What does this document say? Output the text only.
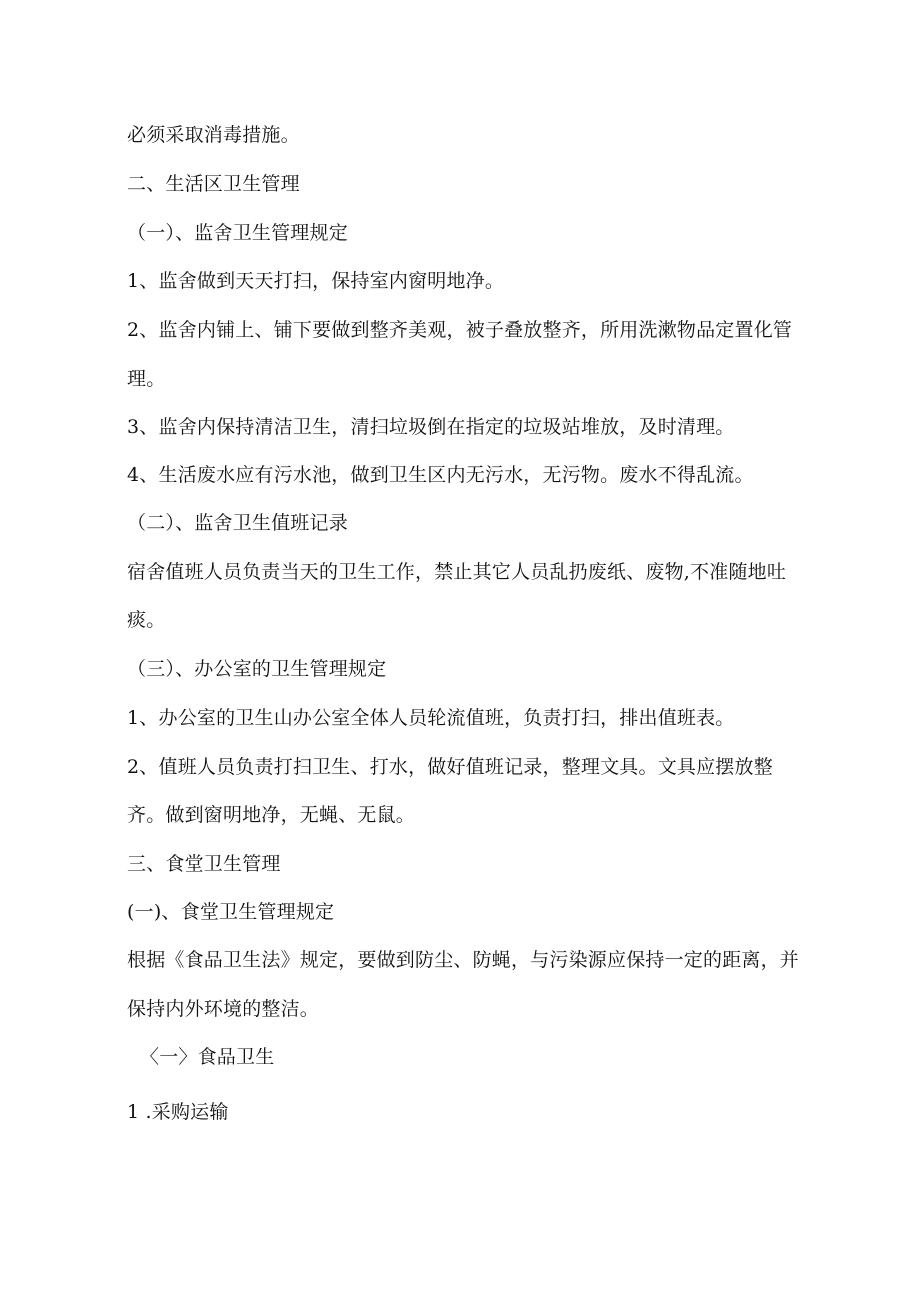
必须采取消毒措施。
二、生活区卫生管理
（一）、监舍卫生管理规定
1、监舍做到天天打扫，保持室内窗明地净。
2、监舍内铺上、铺下要做到整齐美观，被子叠放整齐，所用洗漱物品定置化管
理。
3、监舍内保持清洁卫生，清扫垃圾倒在指定的垃圾站堆放，及时清理。
4、生活废水应有污水池，做到卫生区内无污水，无污物。废水不得乱流。
（二）、监舍卫生值班记录
宿舍值班人员负责当天的卫生工作，禁止其它人员乱扔废纸、废物,不准随地吐
痰。
（三）、办公室的卫生管理规定
1、办公室的卫生山办公室全体人员轮流值班，负责打扫，排出值班表。
2、值班人员负责打扫卫生、打水，做好值班记录，整理文具。文具应摆放整
齐。做到窗明地净，无蝇、无鼠。
三、食堂卫生管理
(一)、食堂卫生管理规定
根据《食品卫生法》规定，要做到防尘、防蝇，与污染源应保持一定的距离，并
保持内外环境的整洁。
〈一〉食品卫生
1 .采购运输
